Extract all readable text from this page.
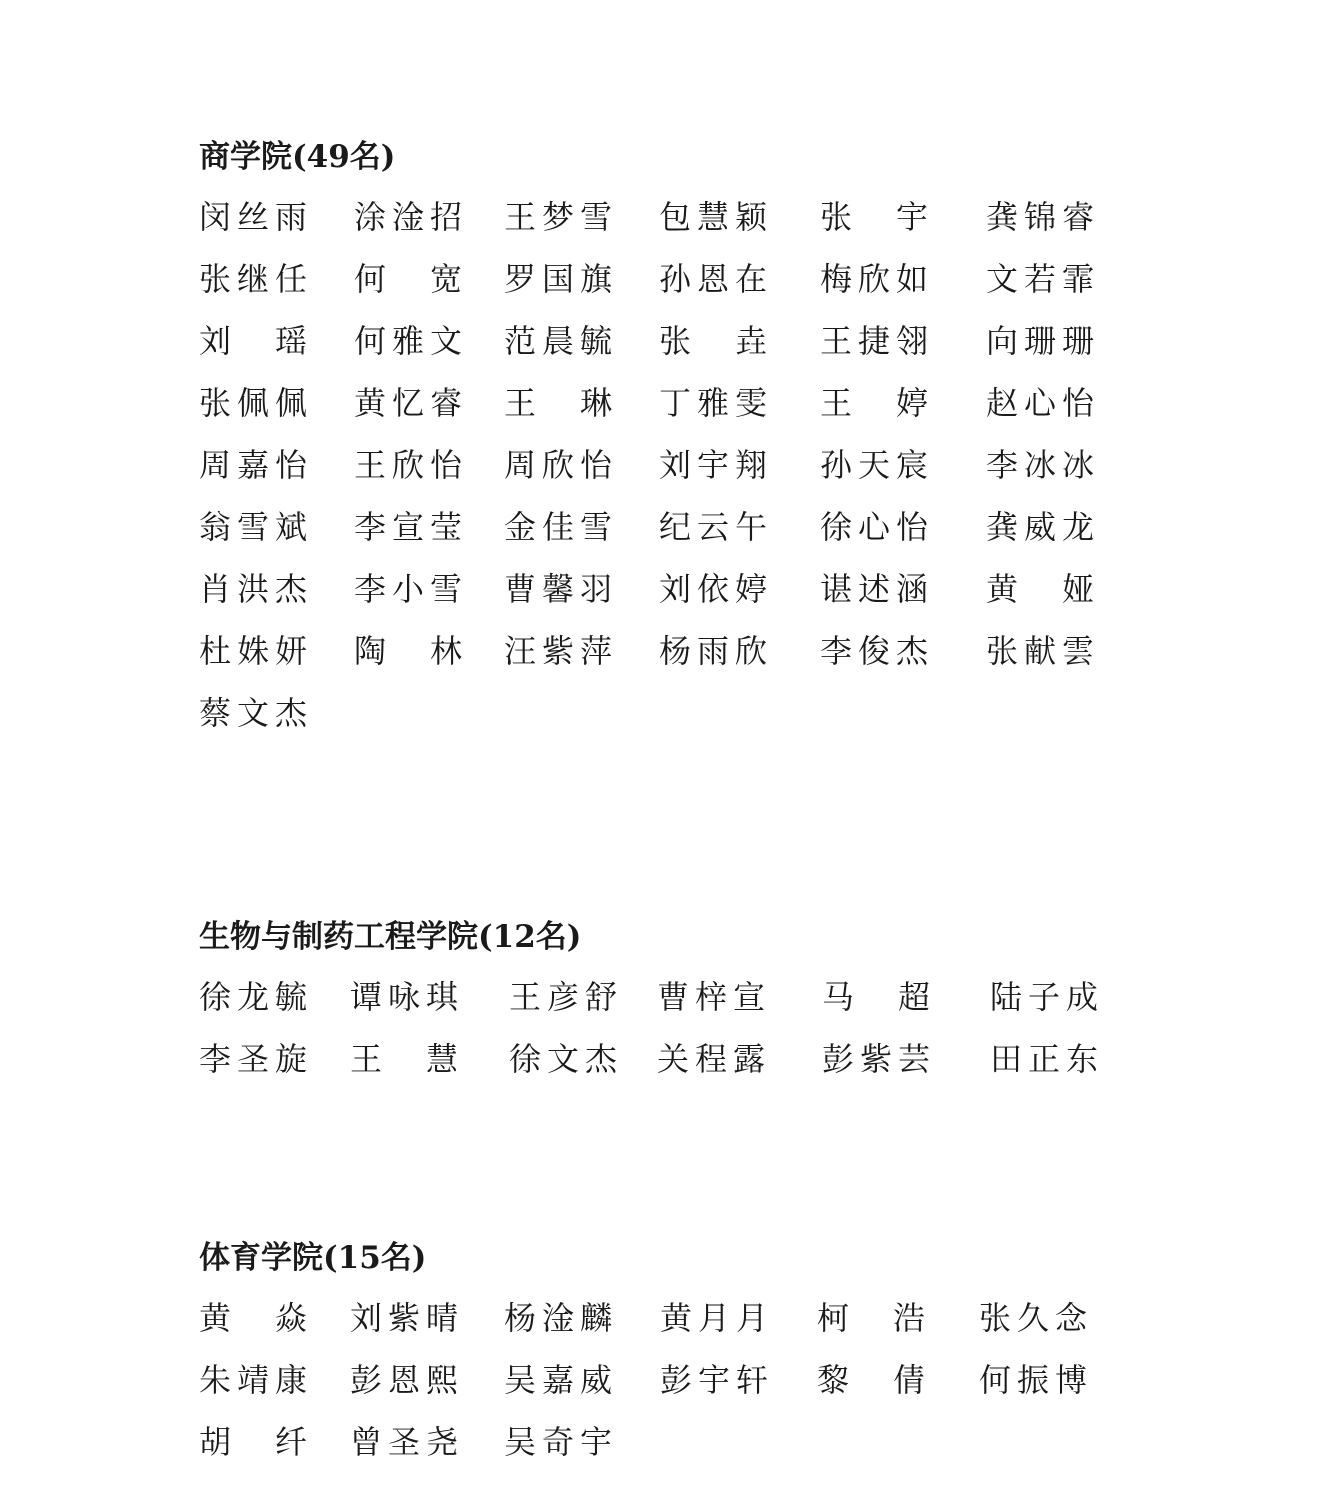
商学院(49名)
闵丝雨 涂淦招 王梦雪 包慧颖 张　宇 龚锦睿
张继任 何　宽 罗国旗 孙恩在 梅欣如 文若霏
刘　瑶 何雅文 范晨毓 张　垚 王捷翎 向珊珊
张佩佩 黄忆睿 王　琳 丁雅雯 王　婷 赵心怡
周嘉怡 王欣怡 周欣怡 刘宇翔 孙天宸 李冰冰
翁雪斌 李宣莹 金佳雪 纪云午 徐心怡 龚威龙
肖洪杰 李小雪 曹馨羽 刘依婷 谌述涵 黄　娅
杜姝妍 陶　林 汪紫萍 杨雨欣 李俊杰 张献雲
蔡文杰
生物与制药工程学院(12名)
徐龙毓 谭咏琪 王彦舒 曹梓宣 马　超 陆子成
李圣旋 王　慧 徐文杰 关程露 彭紫芸 田正东
体育学院(15名)
黄　焱 刘紫晴 杨淦麟 黄月月 柯　浩 张久念
朱靖康 彭恩熙 吴嘉威 彭宇轩 黎　倩 何振博
胡　纤 曾圣尧 吴奇宇
